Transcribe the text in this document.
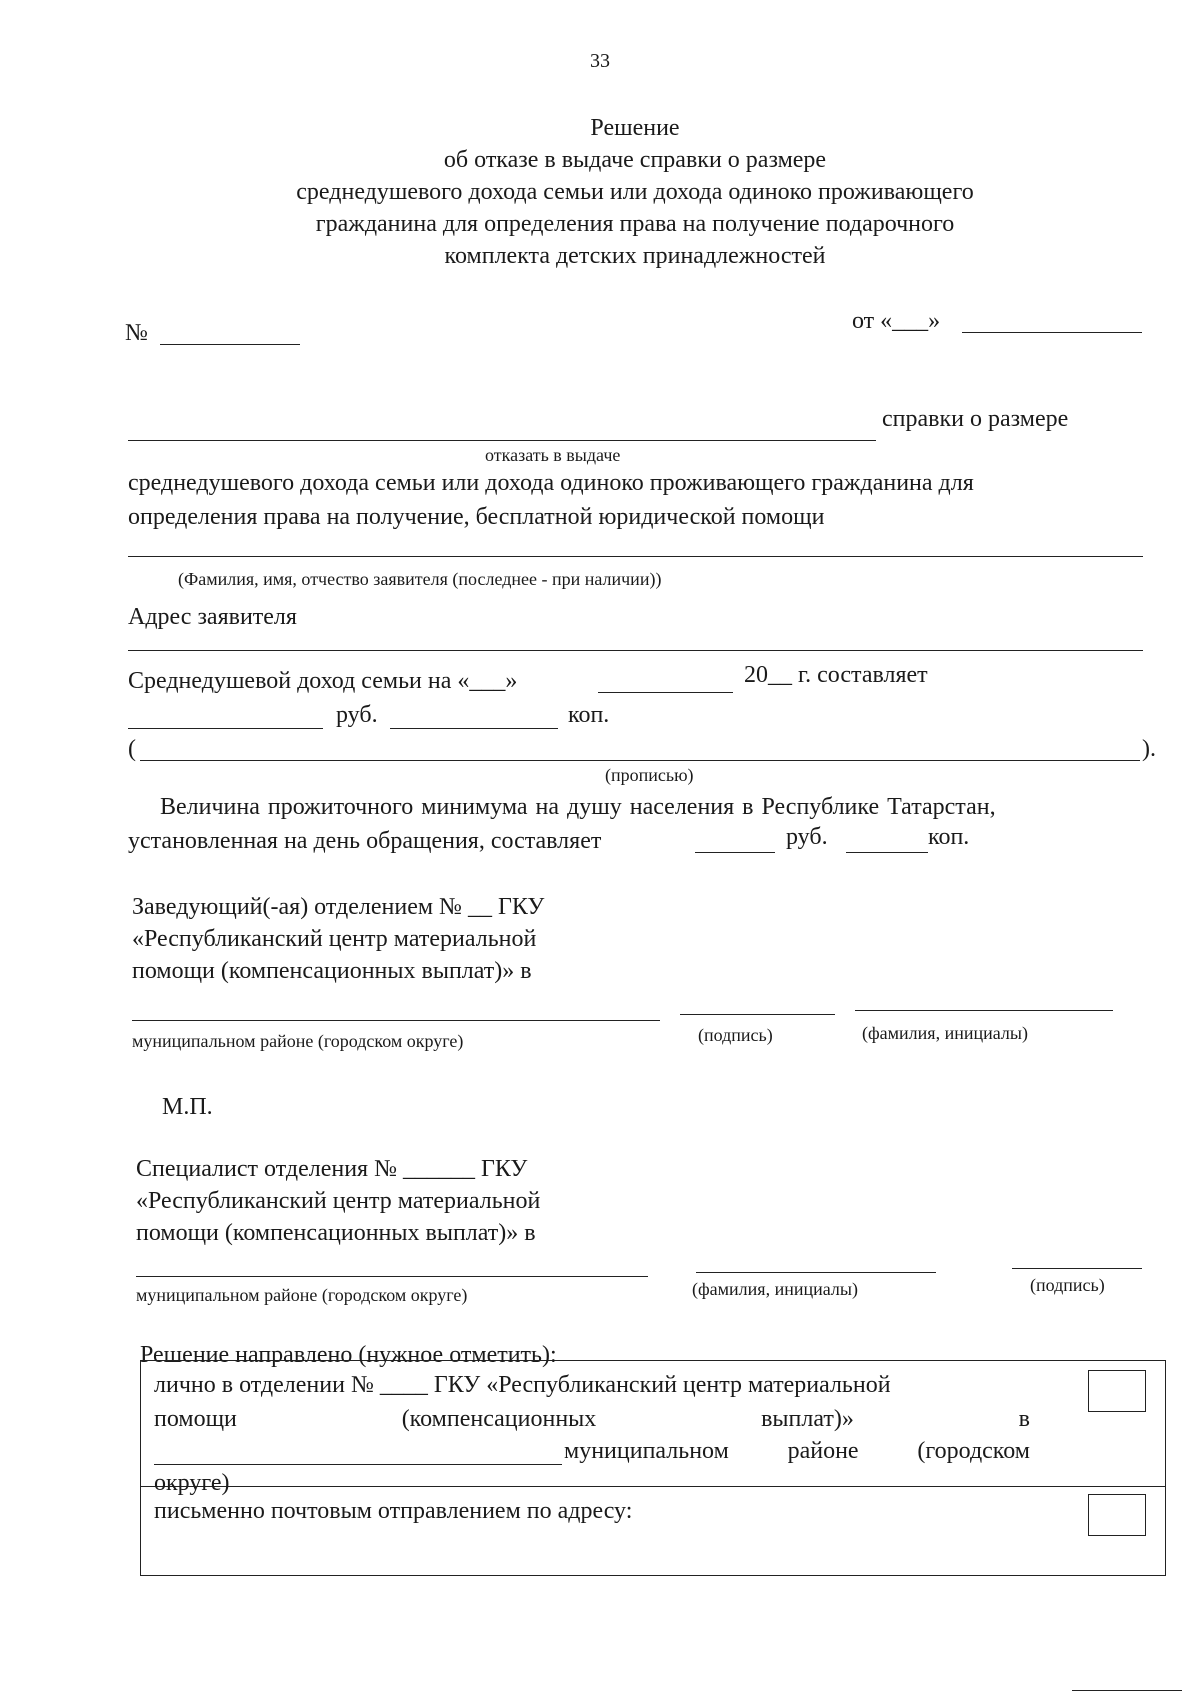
33
Решение
об отказе в выдаче справки о размере
среднедушевого дохода семьи или дохода одиноко проживающего
гражданина для определения права на получение подарочного
комплекта детских принадлежностей
№	от «___»
справки о размере
отказать в выдаче
среднедушевого дохода семьи или дохода одиноко проживающего гражданина для
определения права на получение, бесплатной юридической помощи
(Фамилия, имя, отчество заявителя (последнее - при наличии))
Адрес заявителя
Среднедушевой доход семьи на «___»	20__ г. составляет
руб.	коп.
(	).
(прописью)
Величина прожиточного минимума на душу населения в Республике Татарстан,
установленная на день обращения, составляет	руб.	коп.
Заведующий(-ая) отделением № __ ГКУ
«Республиканский центр материальной
помощи (компенсационных выплат)» в
муниципальном районе (городском округе)	(подпись)	(фамилия, инициалы)
М.П.
Специалист отделения № ______ ГКУ
«Республиканский центр материальной
помощи (компенсационных выплат)» в
муниципальном районе (городском округе)	(фамилия, инициалы)	(подпись)
Решение направлено (нужное отметить):
лично в отделении № ____ ГКУ «Республиканский центр материальной
помощи	(компенсационных	выплат)»	в
муниципальном районе (городском
округе)
письменно почтовым отправлением по адресу:
